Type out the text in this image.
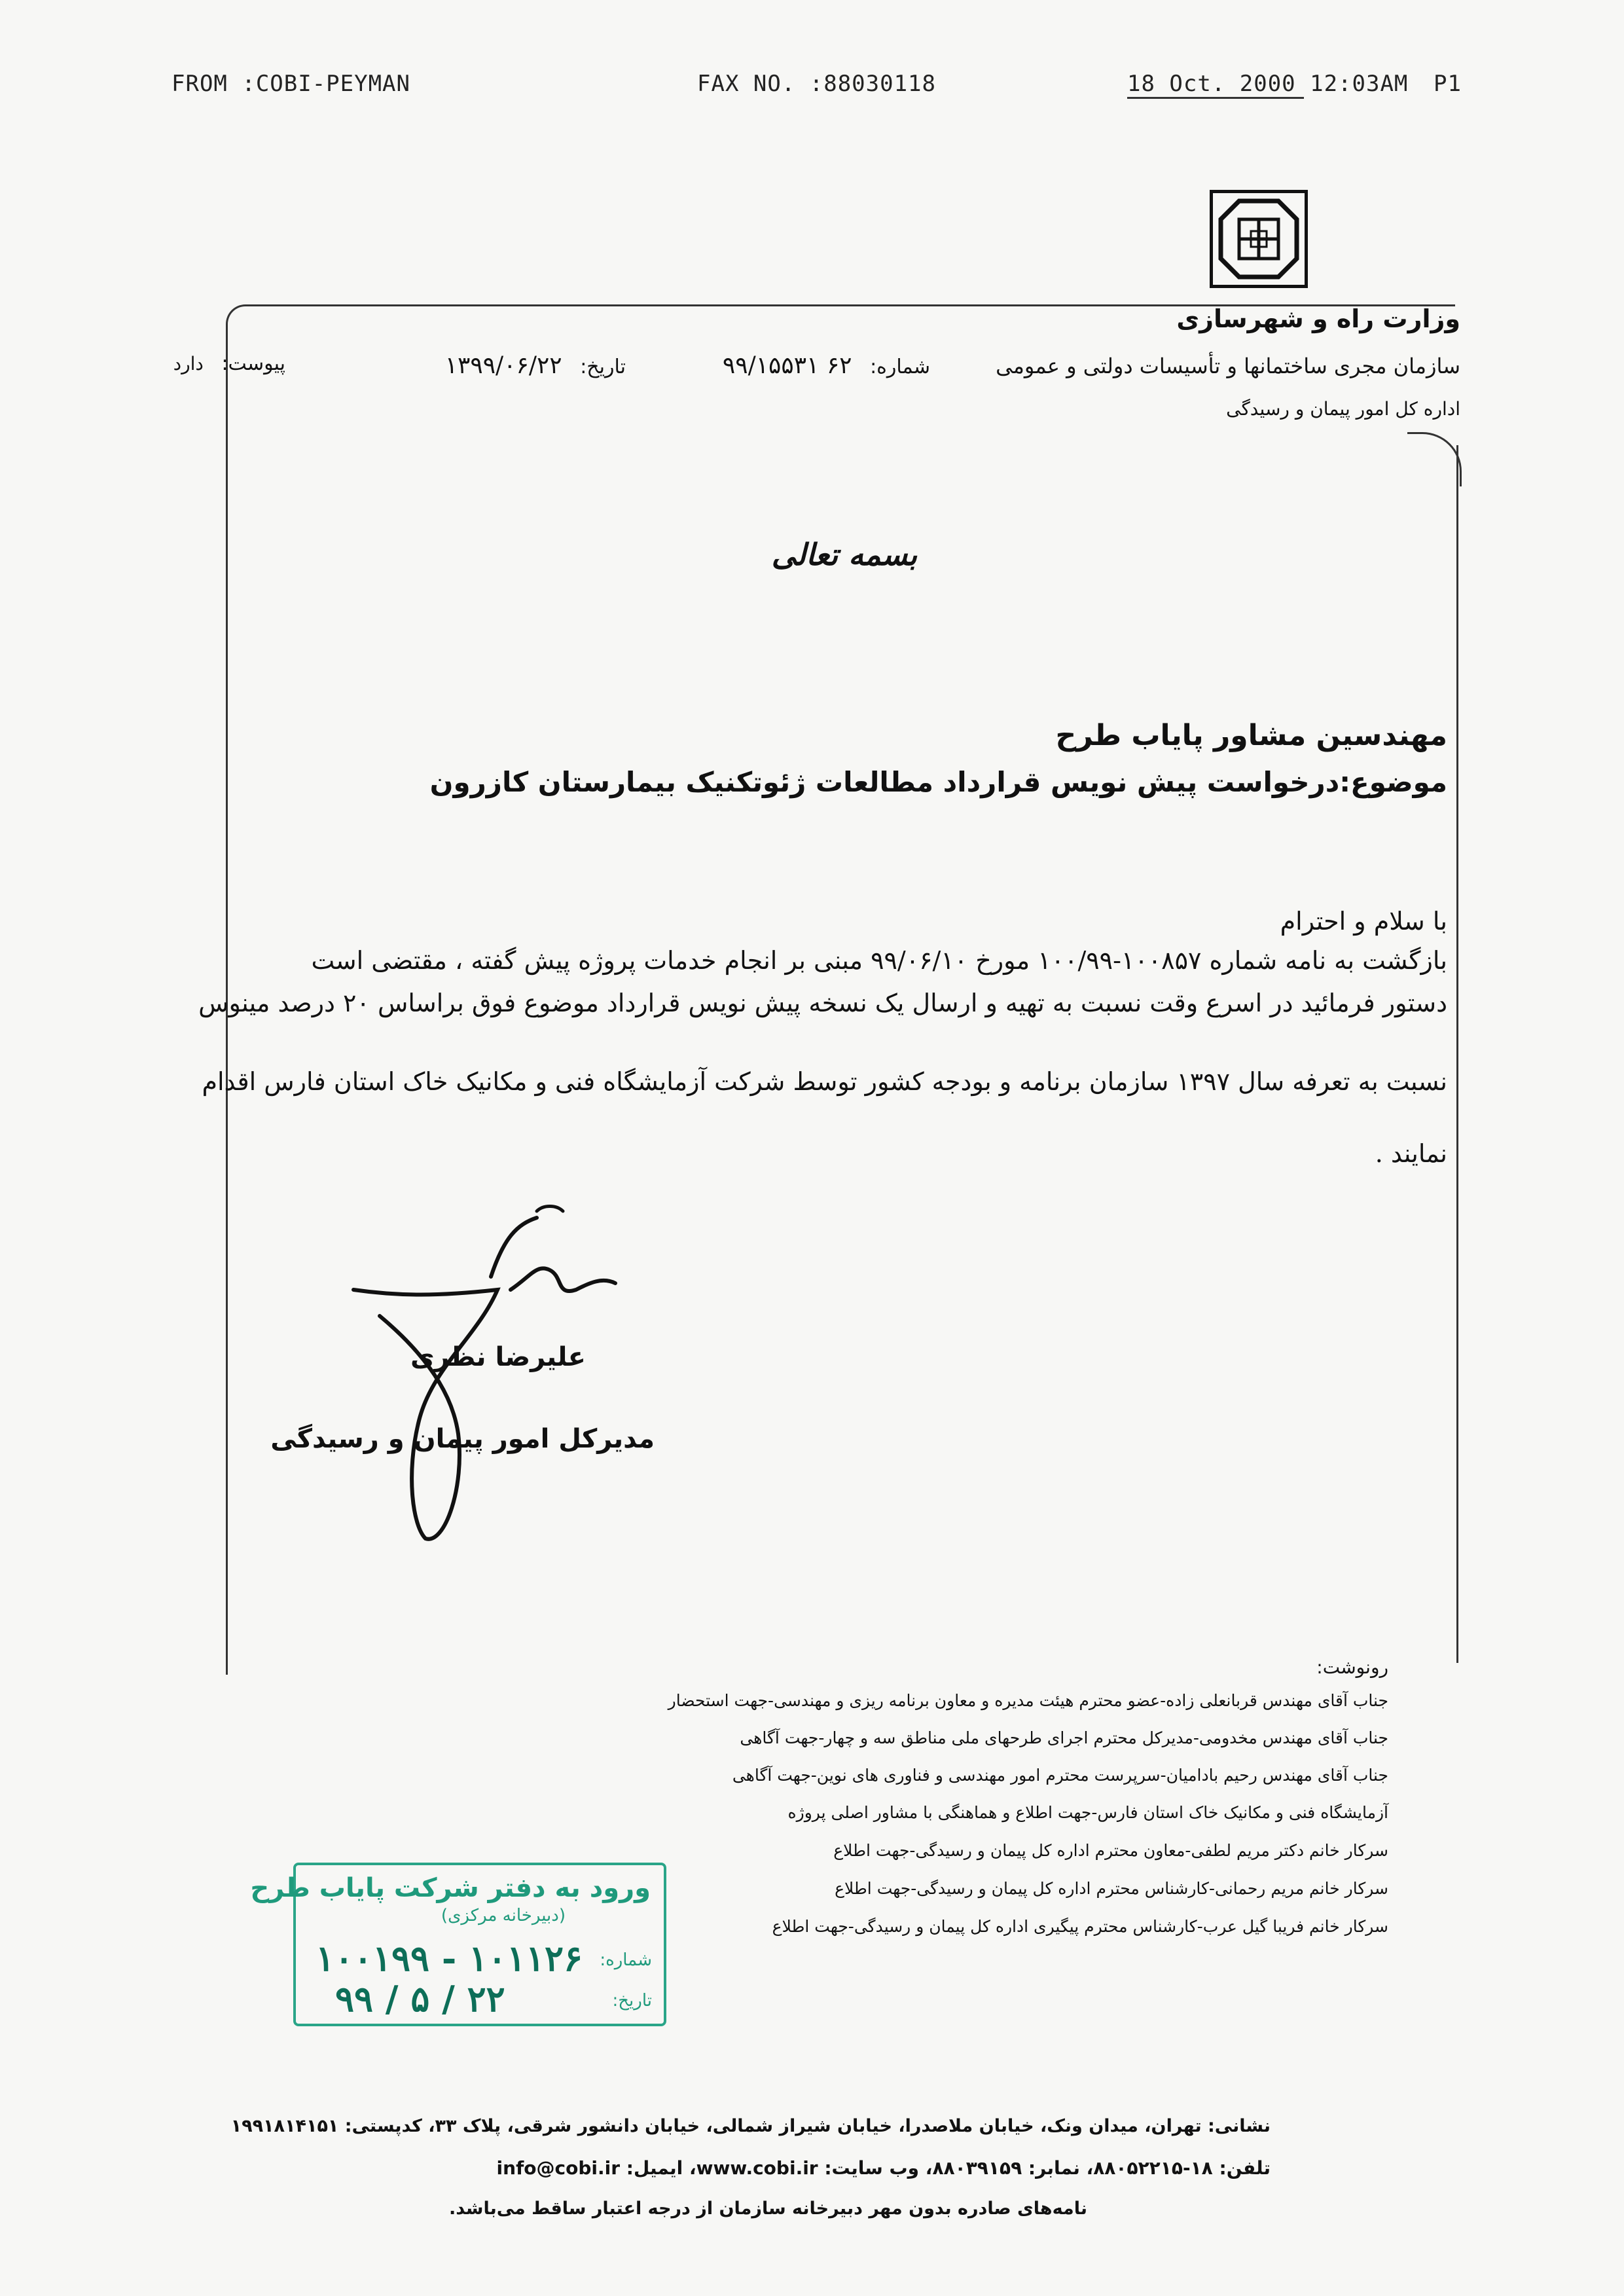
FROM :COBI-PEYMAN	FAX NO. :88030118	18 Oct. 2000 12:03AM P1
وزارت راه و شهرسازی
سازمان مجری ساختمانها و تأسیسات دولتی و عمومی
اداره کل امور پیمان و رسیدگی
شماره: ۶۲ ۹۹/۱۵۵۳۱
تاریخ: ۱۳۹۹/۰۶/۲۲
پیوست: دارد
بسمه تعالی
مهندسین مشاور پایاب طرح
موضوع:درخواست پیش نویس قرارداد مطالعات ژئوتکنیک بیمارستان کازرون
با سلام و احترام
بازگشت به نامه شماره ۱۰۰۸۵۷-۱۰۰/۹۹ مورخ ۹۹/۰۶/۱۰ مبنی بر انجام خدمات پروژه پیش گفته ، مقتضی است
دستور فرمائید در اسرع وقت نسبت به تهیه و ارسال یک نسخه پیش نویس قرارداد موضوع فوق براساس ۲۰ درصد مینوس
نسبت به تعرفه سال ۱۳۹۷ سازمان برنامه و بودجه کشور توسط شرکت آزمایشگاه فنی و مکانیک خاک استان فارس اقدام
نمایند .
علیرضا نظری
مدیرکل امور پیمان و رسیدگی
رونوشت:
جناب آقای مهندس قربانعلی زاده-عضو محترم هیئت مدیره و معاون برنامه ریزی و مهندسی-جهت استحضار
جناب آقای مهندس مخدومی-مدیرکل محترم اجرای طرحهای ملی مناطق سه و چهار-جهت آگاهی
جناب آقای مهندس رحیم بادامیان-سرپرست محترم امور مهندسی و فناوری های نوین-جهت آگاهی
آزمایشگاه فنی و مکانیک خاک استان فارس-جهت اطلاع و هماهنگی با مشاور اصلی پروژه
سرکار خانم دکتر مریم لطفی-معاون محترم اداره کل پیمان و رسیدگی-جهت اطلاع
سرکار خانم مریم رحمانی-کارشناس محترم اداره کل پیمان و رسیدگی-جهت اطلاع
سرکار خانم فریبا گیل عرب-کارشناس محترم پیگیری اداره کل پیمان و رسیدگی-جهت اطلاع
ورود به دفتر شرکت پایاب طرح
(دبیرخانه مرکزی)
شماره:
۱۰۰۱۹۹ - ۱۰۱۱۲۶
تاریخ:
۹۹ / ۵ / ۲۲
نشانی: تهران، میدان ونک، خیابان ملاصدرا، خیابان شیراز شمالی، خیابان دانشور شرقی، پلاک ۳۳، کدپستی: ۱۹۹۱۸۱۴۱۵۱
تلفن: ۱۸-۸۸۰۵۲۲۱۵، نمابر: ۸۸۰۳۹۱۵۹، وب سایت: www.cobi.ir، ایمیل: info@cobi.ir
نامه‌های صادره بدون مهر دبیرخانه سازمان از درجه اعتبار ساقط می‌باشد.
